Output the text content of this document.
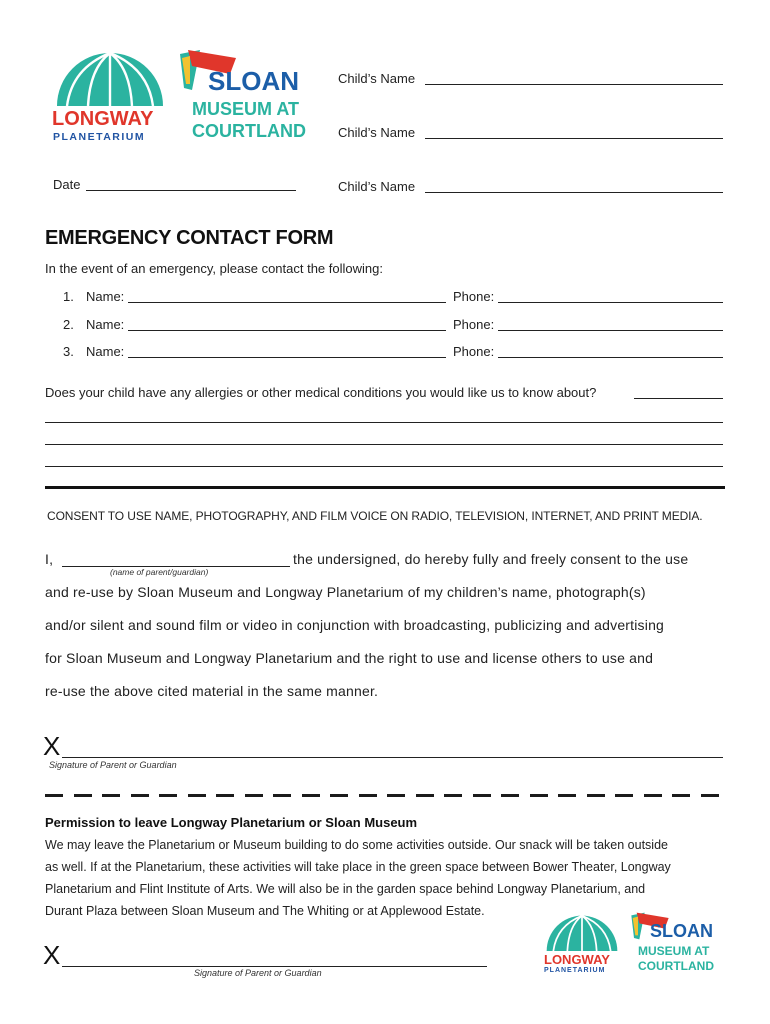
LONGWAY
PLANETARIUM
SLOAN
MUSEUM AT
COURTLAND
Child’s Name
Child’s Name
Date	Child’s Name
EMERGENCY CONTACT FORM
In the event of an emergency, please contact the following:
1. Name:	Phone:
2. Name:	Phone:
3. Name:	Phone:
Does your child have any allergies or other medical conditions you would like us to know about?
CONSENT TO USE NAME, PHOTOGRAPHY, AND FILM VOICE ON RADIO, TELEVISION, INTERNET, AND PRINT MEDIA.
I,	the undersigned, do hereby fully and freely consent to the use
(name of parent/guardian)
and re-use by Sloan Museum and Longway Planetarium of my children’s name, photograph(s)
and/or silent and sound film or video in conjunction with broadcasting, publicizing and advertising
for Sloan Museum and Longway Planetarium and the right to use and license others to use and
re-use the above cited material in the same manner.
X
Signature of Parent or Guardian
Permission to leave Longway Planetarium or Sloan Museum
We may leave the Planetarium or Museum building to do some activities outside. Our snack will be taken outside
as well. If at the Planetarium, these activities will take place in the green space between Bower Theater, Longway
Planetarium and Flint Institute of Arts. We will also be in the garden space behind Longway Planetarium, and
Durant Plaza between Sloan Museum and The Whiting or at Applewood Estate.
X
Signature of Parent or Guardian
LONGWAY
PLANETARIUM
SLOAN
MUSEUM AT
COURTLAND
